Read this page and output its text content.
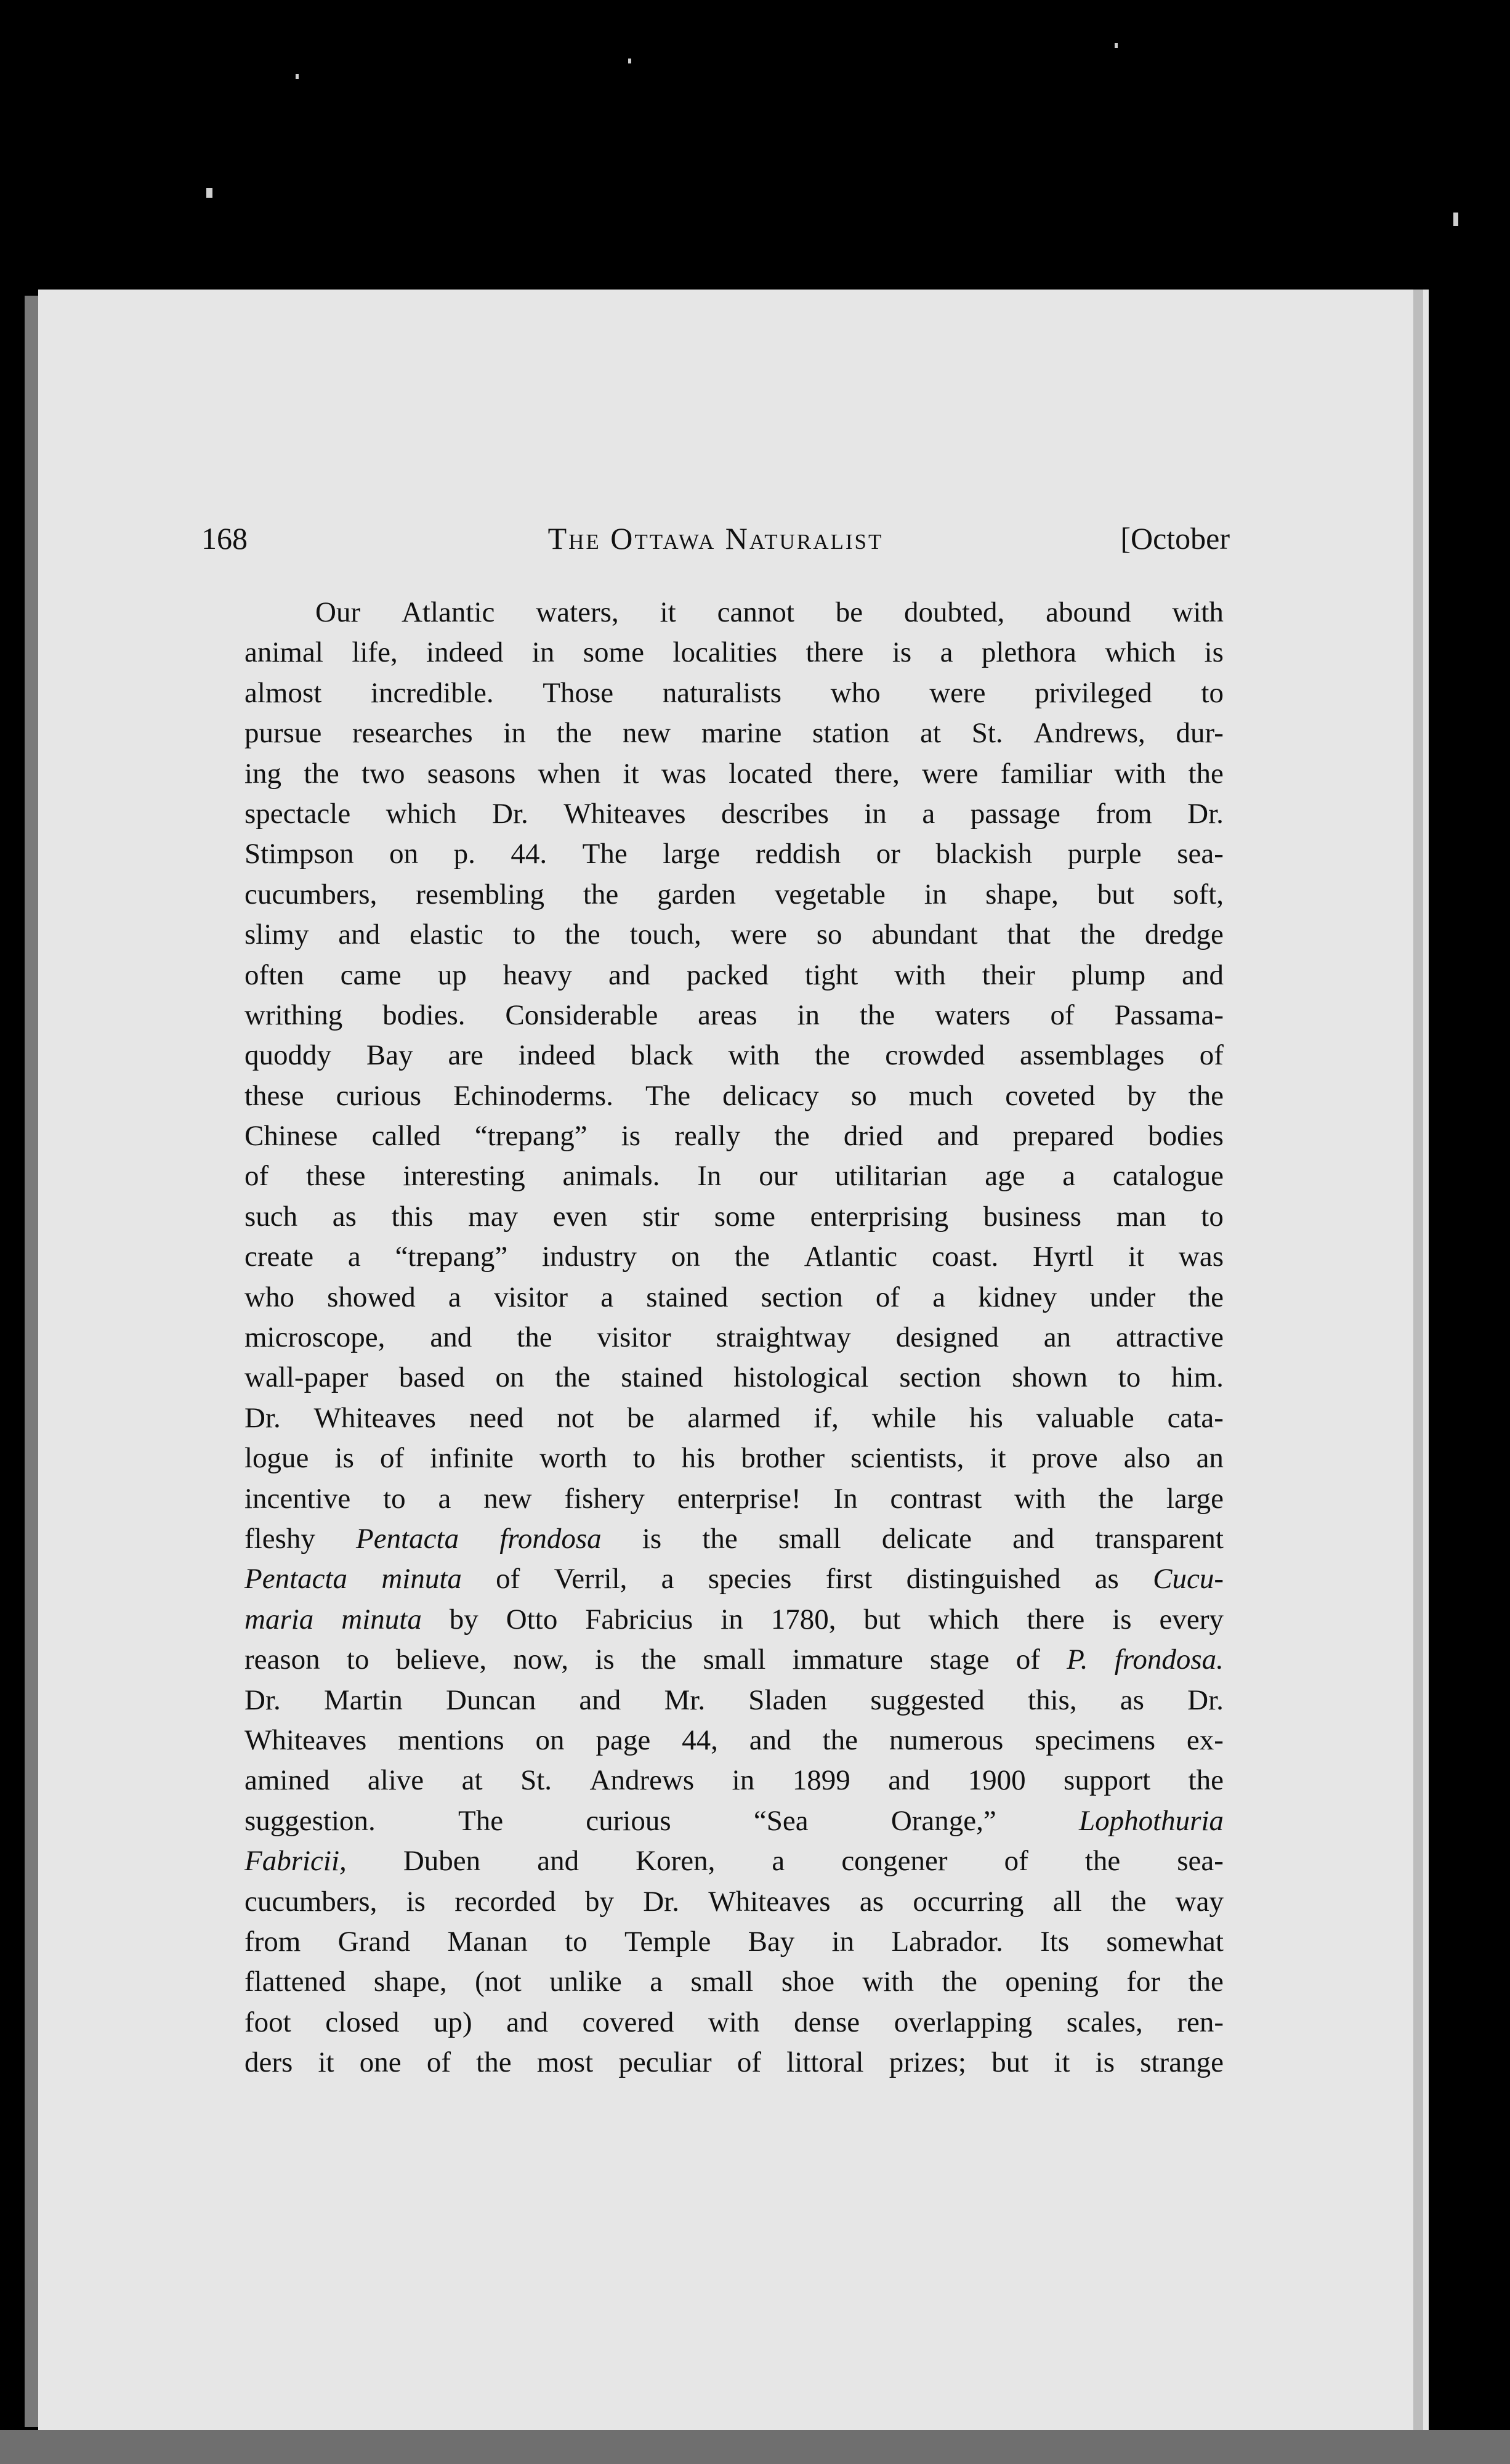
168	The Ottawa Naturalist	[October
Our Atlantic waters, it cannot be doubted, abound with
animal life, indeed in some localities there is a plethora which is
almost incredible. Those naturalists who were privileged to
pursue researches in the new marine station at St. Andrews, dur-
ing the two seasons when it was located there, were familiar with the
spectacle which Dr. Whiteaves describes in a passage from Dr.
Stimpson on p. 44. The large reddish or blackish purple sea-
cucumbers, resembling the garden vegetable in shape, but soft,
slimy and elastic to the touch, were so abundant that the dredge
often came up heavy and packed tight with their plump and
writhing bodies. Considerable areas in the waters of Passama-
quoddy Bay are indeed black with the crowded assemblages of
these curious Echinoderms. The delicacy so much coveted by the
Chinese called “trepang” is really the dried and prepared bodies
of these interesting animals. In our utilitarian age a catalogue
such as this may even stir some enterprising business man to
create a “trepang” industry on the Atlantic coast. Hyrtl it was
who showed a visitor a stained section of a kidney under the
microscope, and the visitor straightway designed an attractive
wall-paper based on the stained histological section shown to him.
Dr. Whiteaves need not be alarmed if, while his valuable cata-
logue is of infinite worth to his brother scientists, it prove also an
incentive to a new fishery enterprise! In contrast with the large
fleshy Pentacta frondosa is the small delicate and transparent
Pentacta minuta of Verril, a species first distinguished as Cucu-
maria minuta by Otto Fabricius in 1780, but which there is every
reason to believe, now, is the small immature stage of P. frondosa.
Dr. Martin Duncan and Mr. Sladen suggested this, as Dr.
Whiteaves mentions on page 44, and the numerous specimens ex-
amined alive at St. Andrews in 1899 and 1900 support the
suggestion.	The	curious	“Sea	Orange,”	Lophothuria
Fabricii, Duben and Koren, a congener of the sea-
cucumbers, is recorded by Dr. Whiteaves as occurring all the way
from Grand Manan to Temple Bay in Labrador. Its somewhat
flattened shape, (not unlike a small shoe with the opening for the
foot closed up) and covered with dense overlapping scales, ren-
ders it one of the most peculiar of littoral prizes; but it is strange
